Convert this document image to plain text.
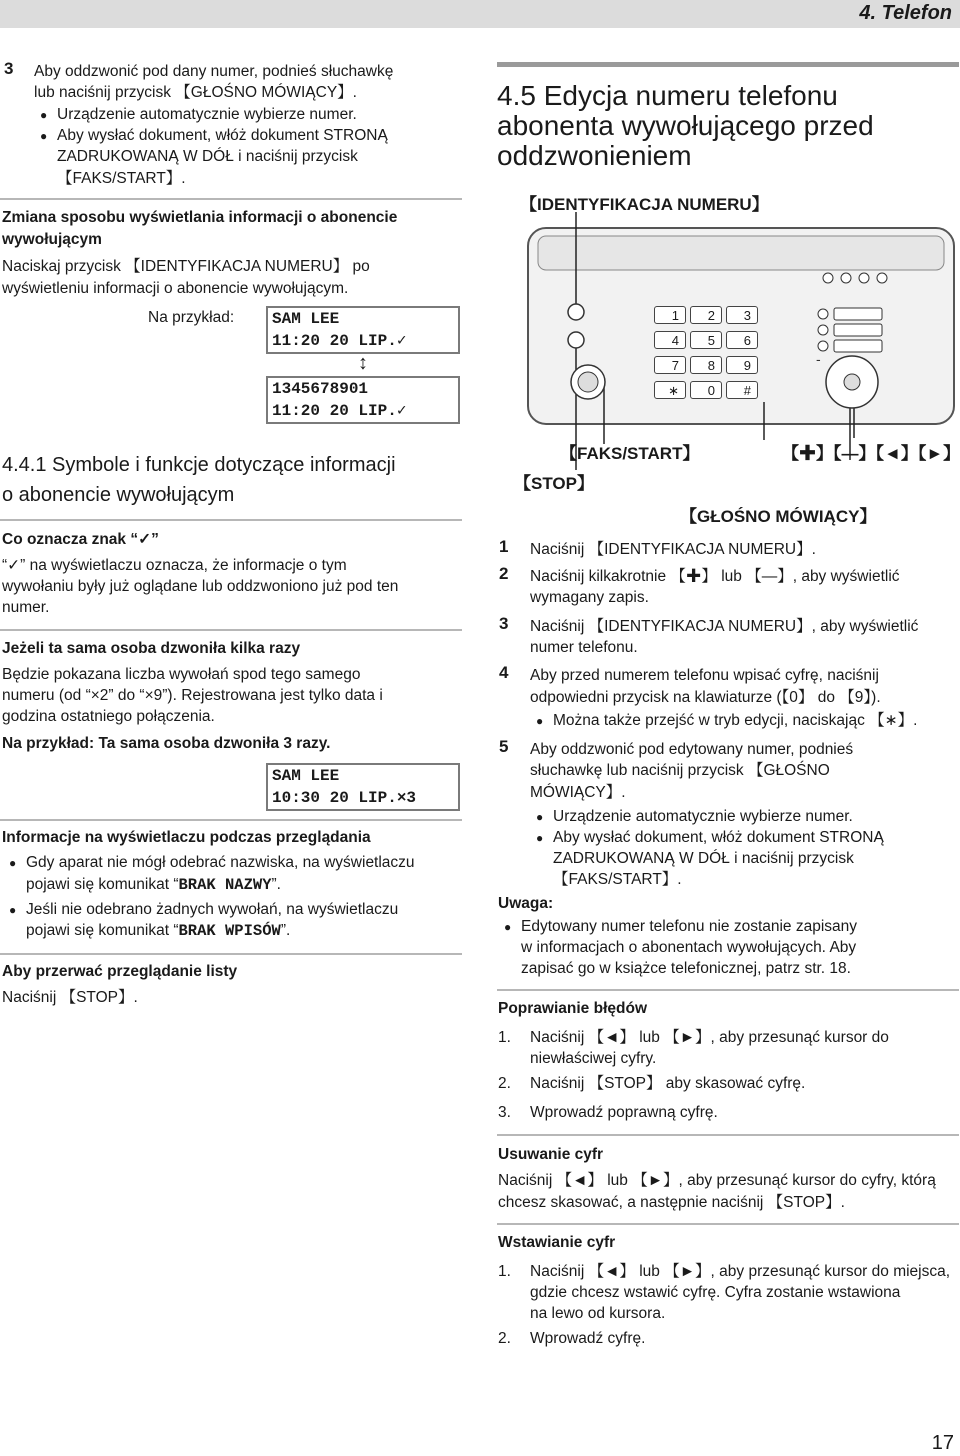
4. Telefon
3 Aby oddzwonić pod dany numer, podnieś słuchawkę
lub naciśnij przycisk 【GŁOŚNO MÓWIĄCY】.
● Urządzenie automatycznie wybierze numer.
● Aby wysłać dokument, włóż dokument STRONĄ
ZADRUKOWANĄ W DÓŁ i naciśnij przycisk
【FAKS/START】.
Zmiana sposobu wyświetlania informacji o abonencie
wywołującym
Naciskaj przycisk 【IDENTYFIKACJA NUMERU】 po
wyświetleniu informacji o abonencie wywołującym.
Na przykład: SAM LEE
11:20 20 LIP.✓
↕
1345678901
11:20 20 LIP.✓
4.4.1 Symbole i funkcje dotyczące informacji
o abonencie wywołującym
Co oznacza znak “✓”
“✓” na wyświetlaczu oznacza, że informacje o tym
wywołaniu były już oglądane lub oddzwoniono już pod ten
numer.
Jeżeli ta sama osoba dzwoniła kilka razy
Będzie pokazana liczba wywołań spod tego samego
numeru (od “×2” do “×9”). Rejestrowana jest tylko data i
godzina ostatniego połączenia.
Na przykład: Ta sama osoba dzwoniła 3 razy.
SAM LEE
10:30 20 LIP.×3
Informacje na wyświetlaczu podczas przeglądania
● Gdy aparat nie mógł odebrać nazwiska, na wyświetlaczu
pojawi się komunikat “BRAK NAZWY”.
● Jeśli nie odebrano żadnych wywołań, na wyświetlaczu
pojawi się komunikat “BRAK WPISÓW”.
Aby przerwać przeglądanie listy
Naciśnij 【STOP】.
4.5 Edycja numeru telefonu
abonenta wywołującego przed
oddzwonieniem
【IDENTYFIKACJA NUMERU】
-
1	2	3
4	5	6
7	8	9
∗	0	#
【FAKS/START】	【✚】【—】【◄】【►】
【STOP】
【GŁOŚNO MÓWIĄCY】
1 Naciśnij 【IDENTYFIKACJA NUMERU】.
2 Naciśnij kilkakrotnie 【✚】 lub 【—】, aby wyświetlić
wymagany zapis.
3 Naciśnij 【IDENTYFIKACJA NUMERU】, aby wyświetlić
numer telefonu.
4 Aby przed numerem telefonu wpisać cyfrę, naciśnij
odpowiedni przycisk na klawiaturze (【0】 do 【9】).
● Można także przejść w tryb edycji, naciskając 【∗】.
5 Aby oddzwonić pod edytowany numer, podnieś
słuchawkę lub naciśnij przycisk 【GŁOŚNO
MÓWIĄCY】.
● Urządzenie automatycznie wybierze numer.
● Aby wysłać dokument, włóż dokument STRONĄ
ZADRUKOWANĄ W DÓŁ i naciśnij przycisk
【FAKS/START】.
Uwaga:
● Edytowany numer telefonu nie zostanie zapisany
w informacjach o abonentach wywołujących. Aby
zapisać go w książce telefonicznej, patrz str. 18.
Poprawianie błędów
1. Naciśnij 【◄】 lub 【►】, aby przesunąć kursor do
niewłaściwej cyfry.
2. Naciśnij 【STOP】 aby skasować cyfrę.
3. Wprowadź poprawną cyfrę.
Usuwanie cyfr
Naciśnij 【◄】 lub 【►】, aby przesunąć kursor do cyfry, którą
chcesz skasować, a następnie naciśnij 【STOP】.
Wstawianie cyfr
1. Naciśnij 【◄】 lub 【►】, aby przesunąć kursor do miejsca,
gdzie chcesz wstawić cyfrę. Cyfra zostanie wstawiona
na lewo od kursora.
2. Wprowadź cyfrę.
17
